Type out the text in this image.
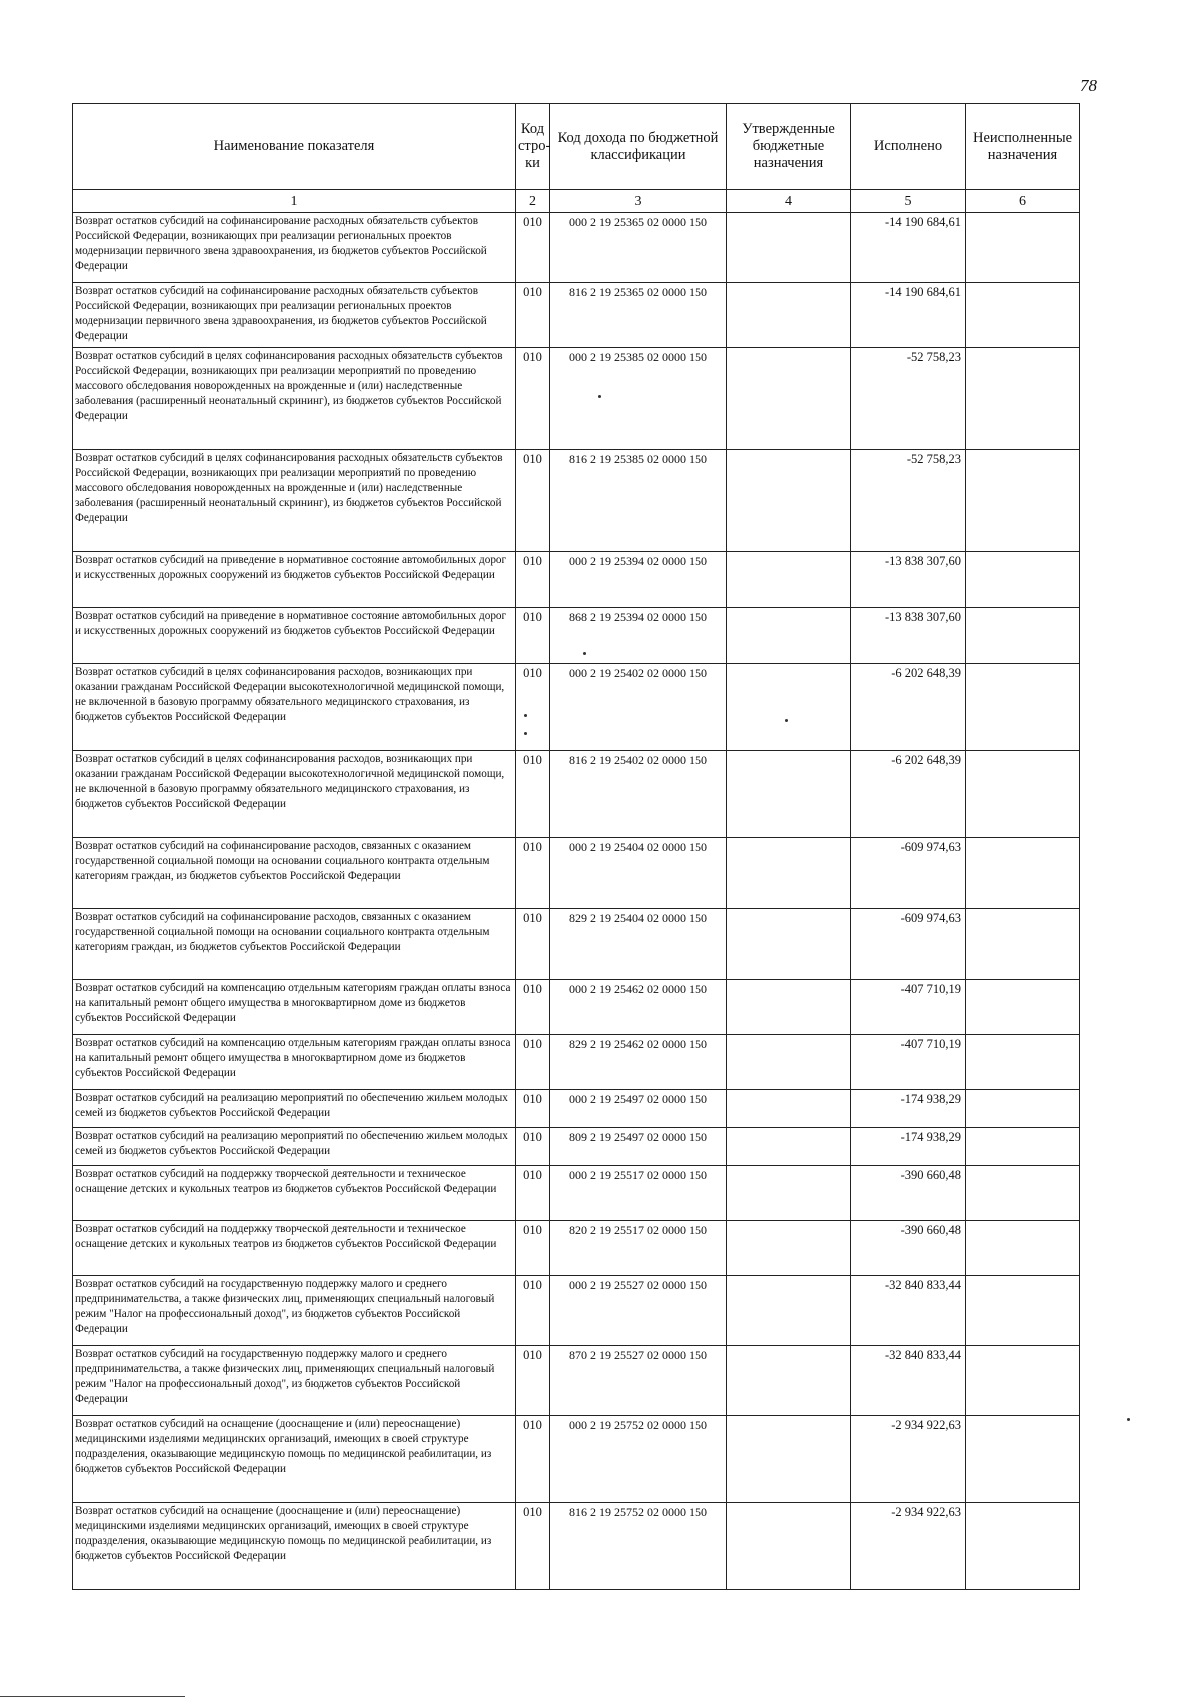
78
Наименование показателя	Код стро- ки	Код дохода по бюджетной классификации	Утвержденные бюджетные назначения	Исполнено	Неисполненные назначения
1	2	3	4	5	6
Возврат остатков субсидий на софинансирование расходных обязательств субъектов Российской Федерации, возникающих при реализации региональных проектов модернизации первичного звена здравоохранения, из бюджетов субъектов Российской Федерации	010	000 2 19 25365 02 0000 150		-14 190 684,61	
Возврат остатков субсидий на софинансирование расходных обязательств субъектов Российской Федерации, возникающих при реализации региональных проектов модернизации первичного звена здравоохранения, из бюджетов субъектов Российской Федерации	010	816 2 19 25365 02 0000 150		-14 190 684,61	
Возврат остатков субсидий в целях софинансирования расходных обязательств субъектов Российской Федерации, возникающих при реализации мероприятий по проведению массового обследования новорожденных на врожденные и (или) наследственные заболевания (расширенный неонатальный скрининг), из бюджетов субъектов Российской Федерации	010	000 2 19 25385 02 0000 150		-52 758,23	
Возврат остатков субсидий в целях софинансирования расходных обязательств субъектов Российской Федерации, возникающих при реализации мероприятий по проведению массового обследования новорожденных на врожденные и (или) наследственные заболевания (расширенный неонатальный скрининг), из бюджетов субъектов Российской Федерации	010	816 2 19 25385 02 0000 150		-52 758,23	
Возврат остатков субсидий на приведение в нормативное состояние автомобильных дорог и искусственных дорожных сооружений из бюджетов субъектов Российской Федерации	010	000 2 19 25394 02 0000 150		-13 838 307,60	
Возврат остатков субсидий на приведение в нормативное состояние автомобильных дорог и искусственных дорожных сооружений из бюджетов субъектов Российской Федерации	010	868 2 19 25394 02 0000 150		-13 838 307,60	
Возврат остатков субсидий в целях софинансирования расходов, возникающих при оказании гражданам Российской Федерации высокотехнологичной медицинской помощи, не включенной в базовую программу обязательного медицинского страхования, из бюджетов субъектов Российской Федерации	010	000 2 19 25402 02 0000 150		-6 202 648,39	
Возврат остатков субсидий в целях софинансирования расходов, возникающих при оказании гражданам Российской Федерации высокотехнологичной медицинской помощи, не включенной в базовую программу обязательного медицинского страхования, из бюджетов субъектов Российской Федерации	010	816 2 19 25402 02 0000 150		-6 202 648,39	
Возврат остатков субсидий на софинансирование расходов, связанных с оказанием государственной социальной помощи на основании социального контракта отдельным категориям граждан, из бюджетов субъектов Российской Федерации	010	000 2 19 25404 02 0000 150		-609 974,63	
Возврат остатков субсидий на софинансирование расходов, связанных с оказанием государственной социальной помощи на основании социального контракта отдельным категориям граждан, из бюджетов субъектов Российской Федерации	010	829 2 19 25404 02 0000 150		-609 974,63	
Возврат остатков субсидий на компенсацию отдельным категориям граждан оплаты взноса на капитальный ремонт общего имущества в многоквартирном доме из бюджетов субъектов Российской Федерации	010	000 2 19 25462 02 0000 150		-407 710,19	
Возврат остатков субсидий на компенсацию отдельным категориям граждан оплаты взноса на капитальный ремонт общего имущества в многоквартирном доме из бюджетов субъектов Российской Федерации	010	829 2 19 25462 02 0000 150		-407 710,19	
Возврат остатков субсидий на реализацию мероприятий по обеспечению жильем молодых семей из бюджетов субъектов Российской Федерации	010	000 2 19 25497 02 0000 150		-174 938,29	
Возврат остатков субсидий на реализацию мероприятий по обеспечению жильем молодых семей из бюджетов субъектов Российской Федерации	010	809 2 19 25497 02 0000 150		-174 938,29	
Возврат остатков субсидий на поддержку творческой деятельности и техническое оснащение детских и кукольных театров из бюджетов субъектов Российской Федерации	010	000 2 19 25517 02 0000 150		-390 660,48	
Возврат остатков субсидий на поддержку творческой деятельности и техническое оснащение детских и кукольных театров из бюджетов субъектов Российской Федерации	010	820 2 19 25517 02 0000 150		-390 660,48	
Возврат остатков субсидий на государственную поддержку малого и среднего предпринимательства, а также физических лиц, применяющих специальный налоговый режим "Налог на профессиональный доход", из бюджетов субъектов Российской Федерации	010	000 2 19 25527 02 0000 150		-32 840 833,44	
Возврат остатков субсидий на государственную поддержку малого и среднего предпринимательства, а также физических лиц, применяющих специальный налоговый режим "Налог на профессиональный доход", из бюджетов субъектов Российской Федерации	010	870 2 19 25527 02 0000 150		-32 840 833,44	
Возврат остатков субсидий на оснащение (дооснащение и (или) переоснащение) медицинскими изделиями медицинских организаций, имеющих в своей структуре подразделения, оказывающие медицинскую помощь по медицинской реабилитации, из бюджетов субъектов Российской Федерации	010	000 2 19 25752 02 0000 150		-2 934 922,63	
Возврат остатков субсидий на оснащение (дооснащение и (или) переоснащение) медицинскими изделиями медицинских организаций, имеющих в своей структуре подразделения, оказывающие медицинскую помощь по медицинской реабилитации, из бюджетов субъектов Российской Федерации	010	816 2 19 25752 02 0000 150		-2 934 922,63	
